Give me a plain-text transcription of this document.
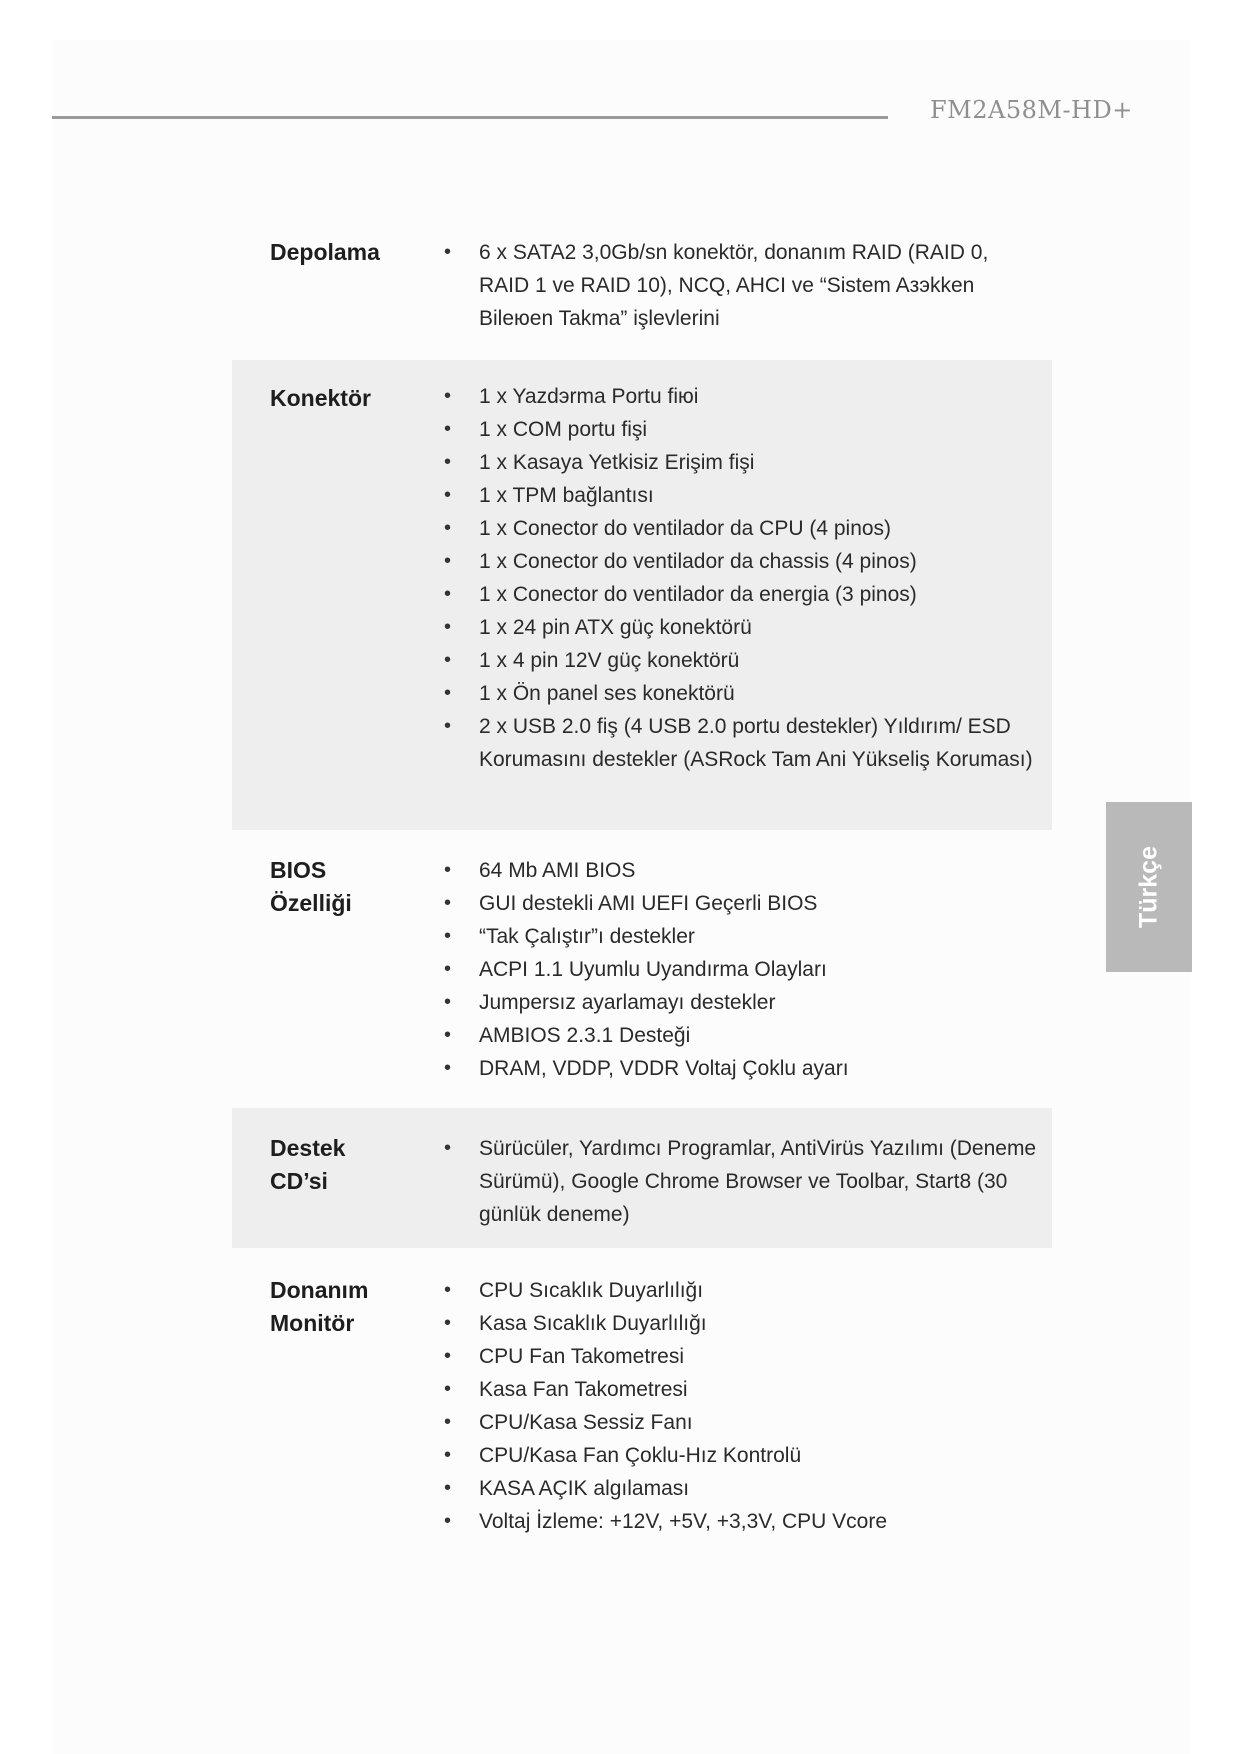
FM2A58M-HD+
Türkçe
Depolama	• 6 x SATA2 3,0Gb/sn konektör, donanım RAID (RAID 0, RAID 1 ve RAID 10), NCQ, AHCI ve “Sistem Aзэkken Bileюen Takma” işlevlerini
Konektör	• 1 x Yazdэrma Portu fiюi
• 1 x COM portu fişi
• 1 x Kasaya Yetkisiz Erişim fişi
• 1 x TPM bağlantısı
• 1 x Conector do ventilador da CPU (4 pinos)
• 1 x Conector do ventilador da chassis (4 pinos)
• 1 x Conector do ventilador da energia (3 pinos)
• 1 x 24 pin ATX güç konektörü
• 1 x 4 pin 12V güç konektörü
• 1 x Ön panel ses konektörü
• 2 x USB 2.0 fiş (4 USB 2.0 portu destekler) Yıldırım/ ESD Korumasını destekler (ASRock Tam Ani Yükseliş Koruması)
BIOS
Özelliği
• 64 Mb AMI BIOS
• GUI destekli AMI UEFI Geçerli BIOS
• “Tak Çalıştır”ı destekler
• ACPI 1.1 Uyumlu Uyandırma Olayları
• Jumpersız ayarlamayı destekler
• AMBIOS 2.3.1 Desteği
• DRAM, VDDP, VDDR Voltaj Çoklu ayarı
Destek
CD’si
• Sürücüler, Yardımcı Programlar, AntiVirüs Yazılımı (Deneme Sürümü), Google Chrome Browser ve Toolbar, Start8 (30 günlük deneme)
Donanım
Monitör
• CPU Sıcaklık Duyarlılığı
• Kasa Sıcaklık Duyarlılığı
• CPU Fan Takometresi
• Kasa Fan Takometresi
• CPU/Kasa Sessiz Fanı
• CPU/Kasa Fan Çoklu-Hız Kontrolü
• KASA AÇIK algılaması
• Voltaj İzleme: +12V, +5V, +3,3V, CPU Vcore
